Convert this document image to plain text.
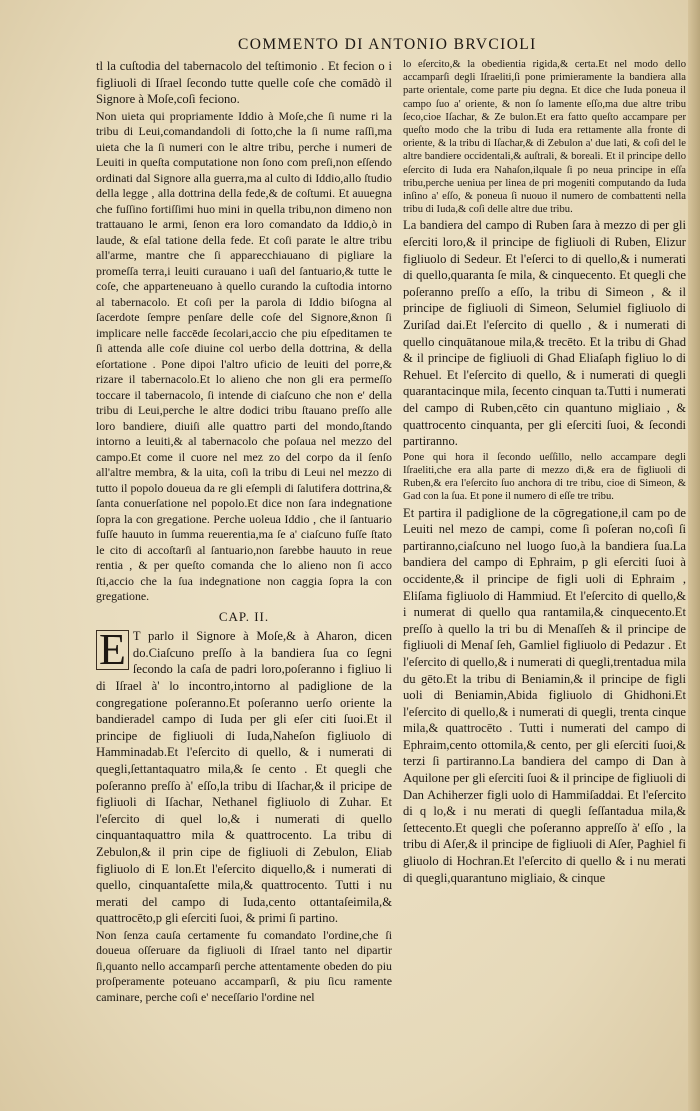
COMMENTO DI ANTONIO BRVCIOLI

tl la cuſtodia del tabernacolo del teſtimonio . Et fecion o i figliuoli di Iſrael ſecondo tutte quelle coſe che comādò il Signore à Moſe,coſi fecionо.

Non uieta qui propriamente Iddio à Moſe,che ſi nume ri la tribu di Leui,comandandoli di ſotto,che la ſi nume raſſi,ma uieta che la ſi numeri con le altre tribu, perche i numeri de Leuiti in queſta computatione non ſono com preſi,non eſſendo ordinati dal Signore alla guerra,ma al culto di Iddio,allo ſtudio della legge , alla dottrina della fede,& de coſtumi. Et auuegna che fuſſino fortiſſimi huo mini in quella tribu,non dimeno non trattauano le armi, ſenon era loro comandato da Iddio,ò in laude, & eſal tatione della fede. Et coſi parate le altre tribu all'arme, mantre che ſi apparecchiauano di pigliare la promeſſa terra,i leuiti curauano i uaſi del ſantuario,& tutte le coſe, che apparteneuano à quello curando la cuſtodia intorno al tabernacolo. Et coſi per la parola di Iddio biſogna al ſacerdote ſempre penſare delle coſe del Signore,&non ſi implicare nelle faccēde ſecolari,accio che piu eſpeditamen te ſi attenda alle coſe diuine col uerbo della dottrina, & della eſortatione . Pone dipoi l'altro uficio de leuiti del porre,& rizare il tabernacolo.Et lo alieno che non gli era permeſſo toccare il tabernacolo, ſi intende di ciaſcuno che non e' della tribu di Leui,perche le altre dodici tribu ſtauano preſſo alle loro bandiere, diuiſi alle quattro parti del mondo,ſtando intorno a leuiti,& al tabernacolo che poſaua nel mezzo del campo.Et come il cuore nel mez zo del corpo da il ſenſo all'altre membra, & la uita, coſi la tribu di Leui nel mezzo di tutto il popolo doueua da re gli eſempli di ſalutifera dottrina,& ſanta conuerſatione nel popolo.Et dice non ſara indegnatione ſopra la con gregatione. Perche uoleua Iddio , che il ſantuario fuſſe hauuto in ſumma reuerentia,ma ſe a' ciaſcuno fuſſe ſtato le cito di accoſtarſi al ſantuario,non ſarebbe hauuto in reue rentia , & per queſto comanda che lo alieno non ſi acco ſti,accio che la ſua indegnatione non caggia ſopra la con gregatione.

CAP. II.

E T parlo il Signore à Moſe,& à Aharon, dicen do.Ciaſcuno preſſo à la bandiera ſua co ſegni ſecondo la caſa de padri loro,poſeranno i figliuo li di Iſrael à' lo incontro,intorno al padiglione de la congregatione poſeranno.Et poſeranno uerſo oriente la bandieradel campo di Iuda per gli eſer citi ſuoi.Et il principe de figliuoli di Iuda,Naheſon figliuolo di Hamminadab.Et l'eſercito di quello, & i numerati di quegli,ſettantaquatro mila,& ſe cento . Et quegli che poſeranno preſſo à' eſſo,la tribu di Iſachar,& il pricipe de figliuoli di Iſachar, Nethanel figliuolo di Zuhar. Et l'eſercito di quel lo,& i numerati di quello cinquantaquattro mila & quattrocento. La tribu di Zebulon,& il prin cipe de figliuoli di Zebulon, Eliab figliuolo di E lon.Et l'eſercito diquello,& i numerati di quello, cinquantaſette mila,& quattrocento. Tutti i nu merati del campo di Iuda,cento ottantaſeimila,& quattrocēto,p gli eſerciti ſuoi, & primi ſi partino.

Non ſenza cauſa certamente fu comandato l'ordine,che ſi doueua oſſeruare da figliuoli di Iſrael tanto nel dipartir ſi,quanto nello accamparſi perche attentamente obeden do piu proſperamente poteuano accamparſi, & piu ſicu ramente caminare, perche coſi e' neceſſario l'ordine nel

lo eſercito,& la obedientia rigida,& certa.Et nel modo dello accamparſi degli Iſraeliti,ſi pone primieramente la bandiera alla parte orientale, come parte piu degna. Et dice che Iuda poneua il campo ſuo a' oriente, & non ſo lamente eſſo,ma due altre tribu ſeco,cioe Iſachar, & Ze bulon.Et era fatto queſto accampare per queſto modo che la tribu di Iuda era rettamente alla fronte di oriente, & la tribu di Iſachar,& di Zebulon a' due lati, & coſi del le altre bandiere occidentali,& auſtrali, & boreali. Et il principe dello eſercito di Iuda era Nahaſon,ilquale ſi po neua principe in eſſa tribu,perche ueniua per linea de pri mogeniti computando da Iuda inſino a' eſſo, & poneua ſi nuouo il numero de combattenti nella tribu di Iuda,& coſi delle altre due tribu.

La bandiera del campo di Ruben ſara à mezzo di per gli eſerciti loro,& il principe de figliuoli di Ruben, Elizur figliuolo di Sedeur. Et l'eſerci to di quello,& i numerati di quello,quaranta ſe mila, & cinquecento. Et quegli che poſeranno preſſo a eſſo, la tribu di Simeon , & il principe de figliuoli di Simeon, Selumiel figliuolo di Zuriſad dai.Et l'eſercito di quello , & i numerati di quello cinquātanoue mila,& trecēto. Et la tribu di Ghad & il principe de figliuoli di Ghad Eliaſaph figliuo lo di Rehuel. Et l'eſercito di quello, & i numerati di quegli quarantacinque mila, ſecento cinquan ta.Tutti i numerati del campo di Ruben,cēto cin quantuno migliaio , & quattrocento cinquanta, per gli eſerciti ſuoi, & ſecondi partiranno.

Pone qui hora il ſecondo ueſſillo, nello accampare degli Iſraeliti,che era alla parte di mezzo dì,& era de figliuoli di Ruben,& era l'eſercito ſuo anchora di tre tribu, cioe di Simeon, & Gad con la ſua. Et pone il numero di eſſe tre tribu.

Et partira il padiglione de la cōgregatione,il cam po de Leuiti nel mezo de campi, come ſi poſeran no,coſi ſi partiranno,ciaſcuno nel luogo ſuo,à la bandiera ſua.La bandiera del campo di Ephraim, p gli eſerciti ſuoi à occidente,& il principe de figli uoli di Ephraim , Eliſama figliuolo di Hammiud. Et l'eſercito di quello,& i numerat di quello qua rantamila,& cinquecento.Et preſſo à quello la tri bu di Menaſſeh & il principe de figliuoli di Menaſ ſeh, Gamliel figliuolo di Pedazur . Et l'eſercito di quello,& i numerati di quegli,trentadua mila du gēto.Et la tribu di Beniamin,& il principe de figli uoli di Beniamin,Abida figliuolo di Ghidhoni.Et l'eſercito di quello,& i numerati di quegli, trenta cinque mila,& quattrocēto . Tutti i numerati del campo di Ephraim,cento ottomila,& cento, per gli eſerciti ſuoi,& terzi ſi partiranno.La bandiera del campo di Dan à Aquilone per gli eſerciti ſuoi & il principe de figliuoli di Dan Achiherzer figli uolo di Hammiſaddai. Et l'eſercito di q lo,& i nu merati di quegli ſeſſantadua mila,& ſettecento.Et quegli che poſeranno appreſſo à' eſſo , la tribu di Aſer,& il principe de figliuoli di Aſer, Paghiel fi gliuolo di Hochran.Et l'eſercito di quello & i nu merati di quegli,quarantuno migliaio, & cinque
